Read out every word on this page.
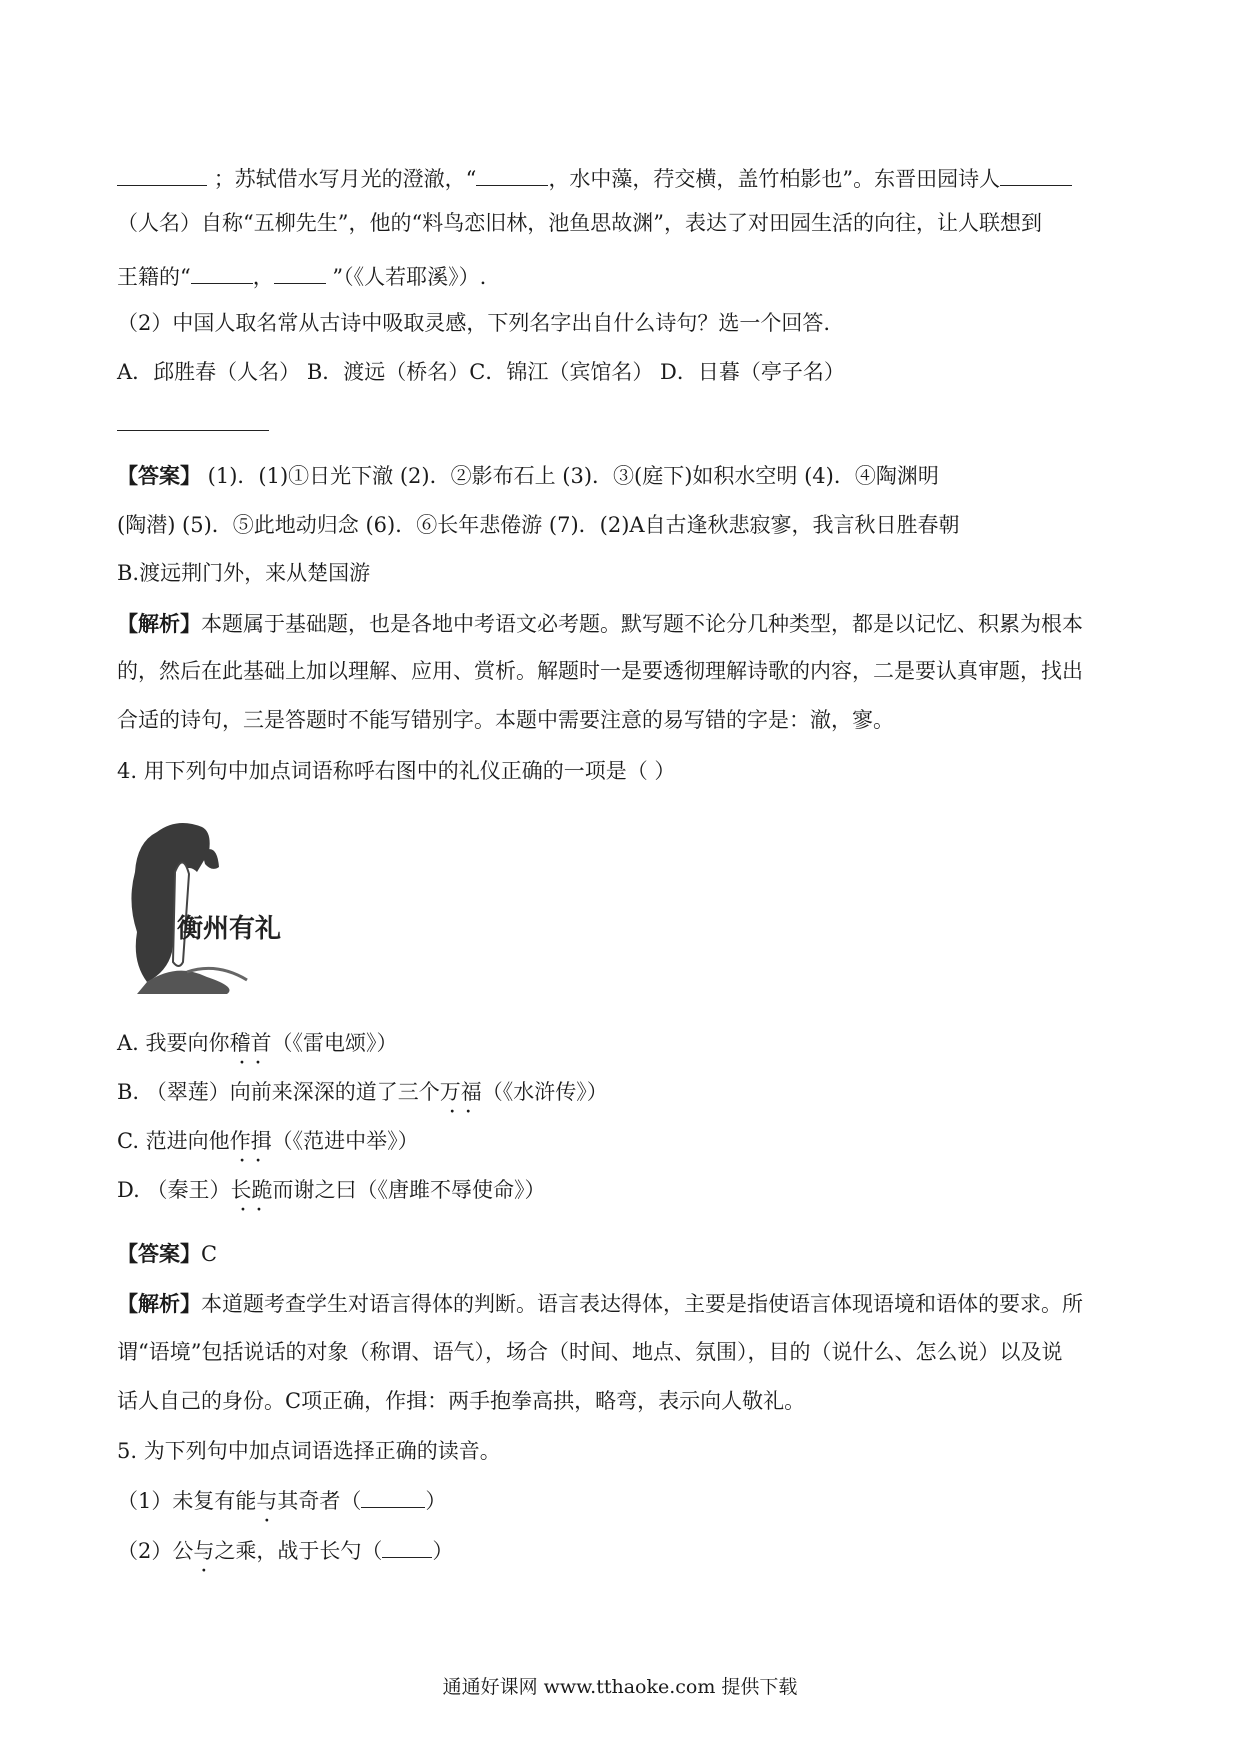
；苏轼借水写月光的澄澈，“	，水中藻，荇交横，盖竹柏影也”。东晋田园诗人
（人名）自称“五柳先生”，他的“料鸟恋旧林，池鱼思故渊”，表达了对田园生活的向往，让人联想到
王籍的“	， ”（《人若耶溪》）.
（2）中国人取名常从古诗中吸取灵感，下列名字出自什么诗句？选一个回答.
A．邱胜春（人名） B．渡远（桥名）C．锦江（宾馆名） D．日暮（亭子名）
【答案】 (1)．(1)①日光下澈 (2)．②影布石上 (3)．③(庭下)如积水空明 (4)．④陶渊明
(陶潜) (5)．⑤此地动归念 (6)．⑥长年悲倦游 (7)．(2)A自古逢秋悲寂寥，我言秋日胜春朝
B.渡远荆门外，来从楚国游
【解析】本题属于基础题，也是各地中考语文必考题。默写题不论分几种类型，都是以记忆、积累为根本
的，然后在此基础上加以理解、应用、赏析。解题时一是要透彻理解诗歌的内容，二是要认真审题，找出
合适的诗句，三是答题时不能写错别字。本题中需要注意的易写错的字是：澈，寥。
4. 用下列句中加点词语称呼右图中的礼仪正确的一项是（ ）
衡州有礼
A. 我要向你稽首 · ·（《雷电颂》）
B. （翠莲）向前来深深的道了三个万福 · ·（《水浒传》）
C. 范进向他作揖 · ·（《范进中举》）
D. （秦王）长跪 · ·而谢之曰（《唐雎不辱使命》）
【答案】C
【解析】本道题考查学生对语言得体的判断。语言表达得体，主要是指使语言体现语境和语体的要求。所
谓“语境”包括说话的对象（称谓、语气），场合（时间、地点、氛围），目的（说什么、怎么说）以及说
话人自己的身份。C项正确，作揖：两手抱拳高拱，略弯，表示向人敬礼。
5. 为下列句中加点词语选择正确的读音。
（1）未复有能与其奇者（	）
（2）公与之乘，战于长勺（ ）
通通好课网 www.tthaoke.com 提供下载
